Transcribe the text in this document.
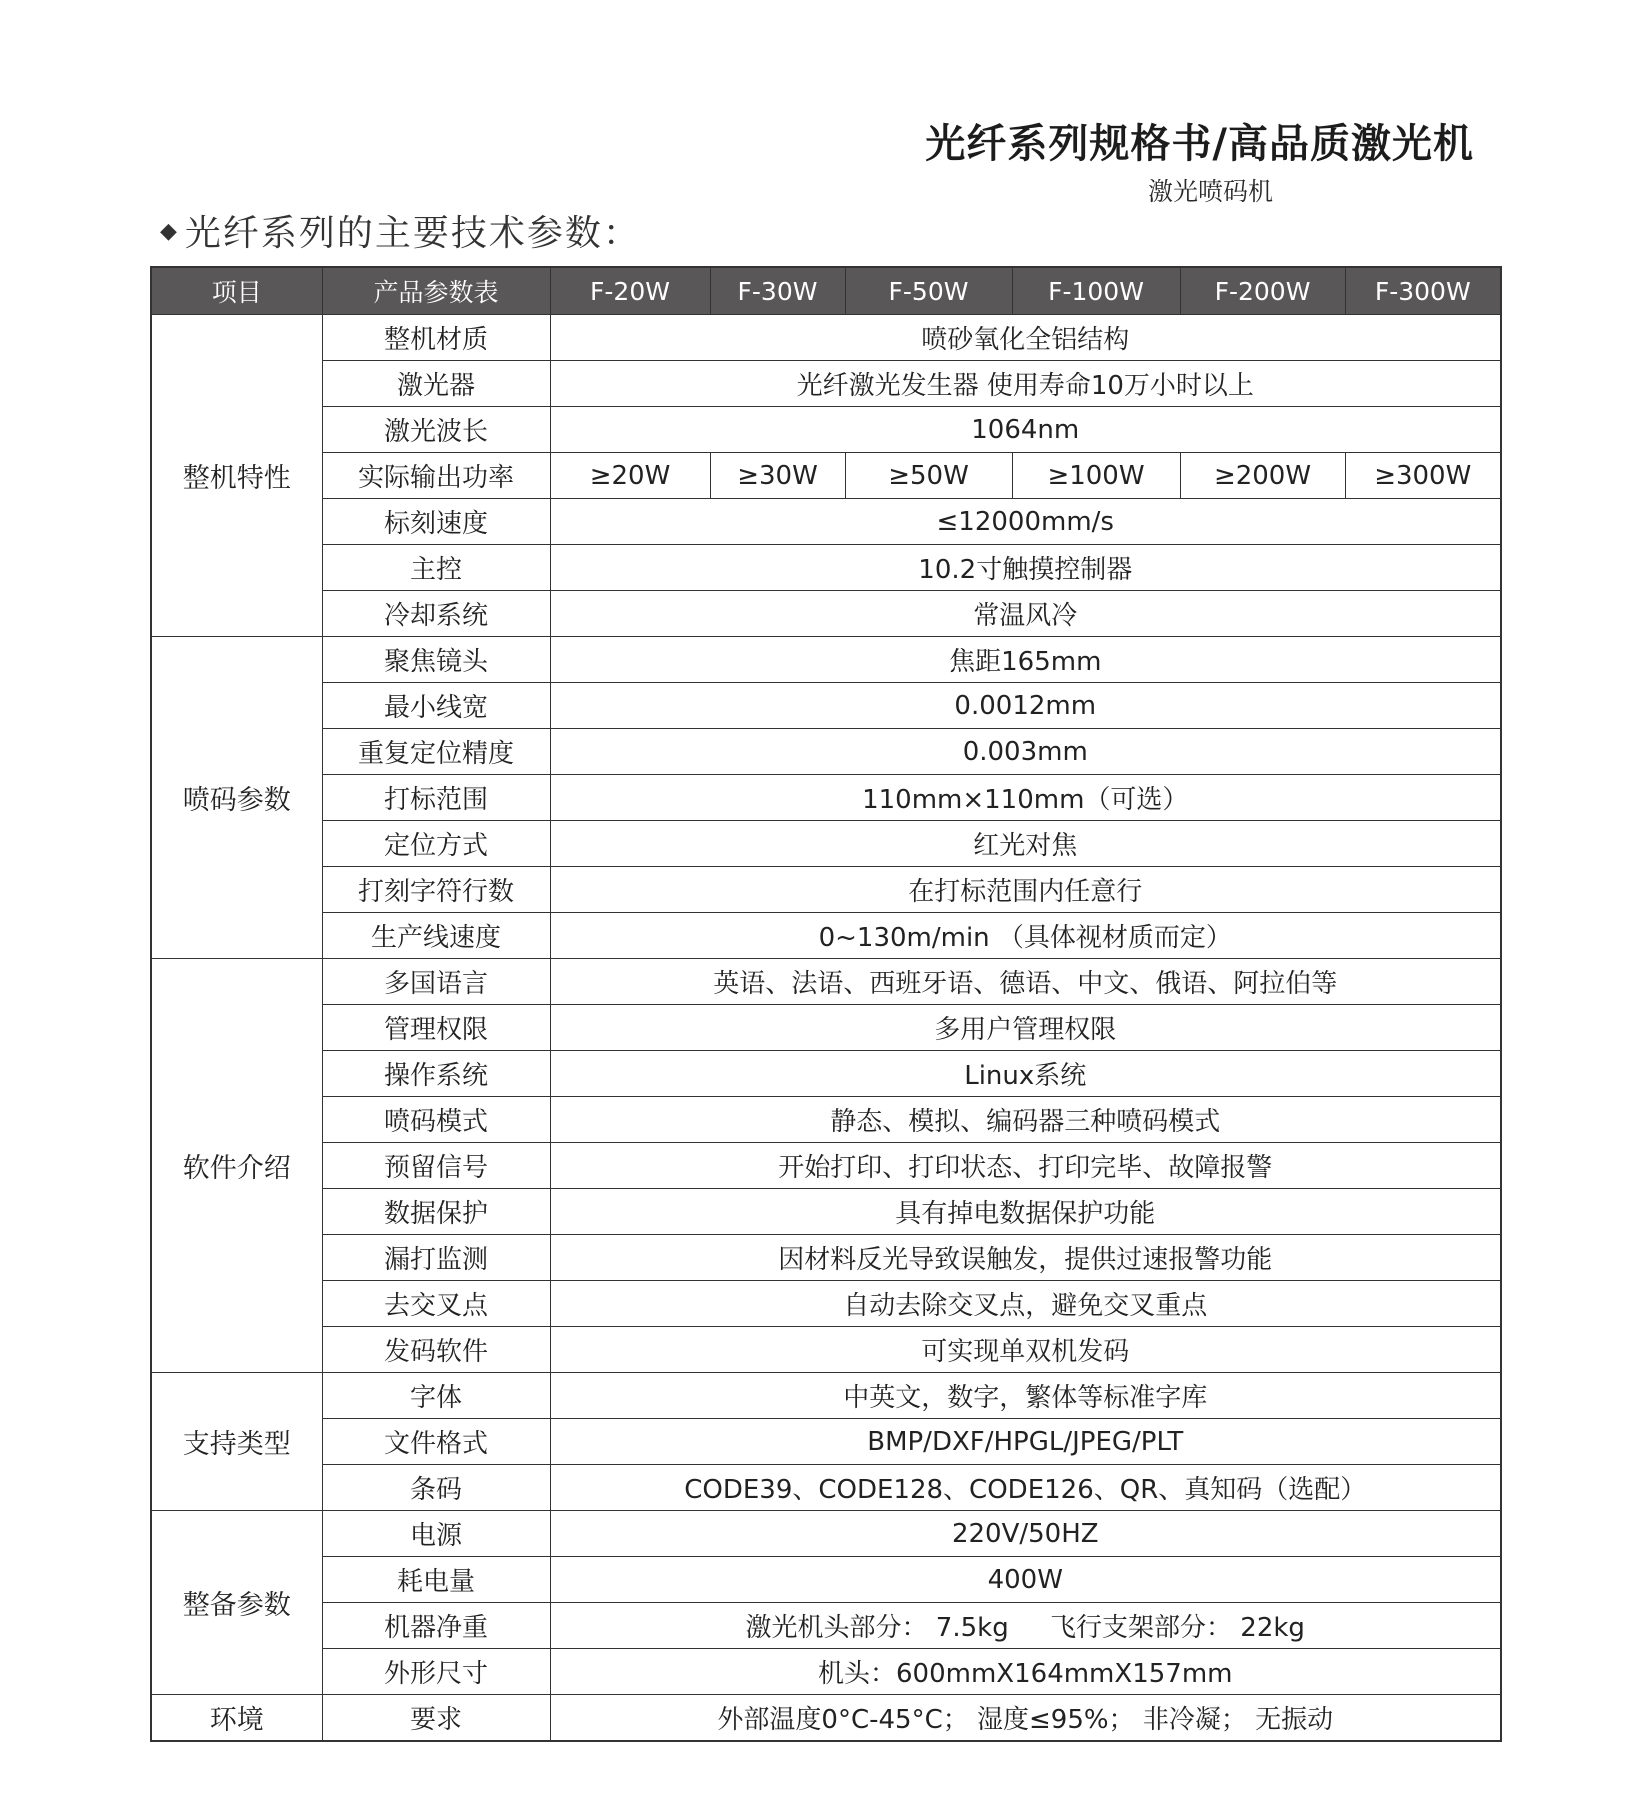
光纤系列规格书/高品质激光机
激光喷码机
◆ 光纤系列的主要技术参数：
项目	产品参数表	F-20W	F-30W	F-50W	F-100W	F-200W	F-300W
整机特性	整机材质	喷砂氧化全铝结构					
	激光器	光纤激光发生器 使用寿命10万小时以上					
	激光波长	1064nm					
	实际输出功率	≥20W	≥30W	≥50W	≥100W	≥200W	≥300W
	标刻速度	≤12000mm/s					
	主控	10.2寸触摸控制器					
	冷却系统	常温风冷					
喷码参数	聚焦镜头	焦距165mm					
	最小线宽	0.0012mm					
	重复定位精度	0.003mm					
	打标范围	110mm×110mm（可选）					
	定位方式	红光对焦					
	打刻字符行数	在打标范围内任意行					
	生产线速度	0~130m/min （具体视材质而定）					
软件介绍	多国语言	英语、法语、西班牙语、德语、中文、俄语、阿拉伯等					
	管理权限	多用户管理权限					
	操作系统	Linux系统					
	喷码模式	静态、模拟、编码器三种喷码模式					
	预留信号	开始打印、打印状态、打印完毕、故障报警					
	数据保护	具有掉电数据保护功能					
	漏打监测	因材料反光导致误触发，提供过速报警功能					
	去交叉点	自动去除交叉点，避免交叉重点					
	发码软件	可实现单双机发码					
支持类型	字体	中英文，数字，繁体等标准字库					
	文件格式	BMP/DXF/HPGL/JPEG/PLT					
	条码	CODE39、CODE128、CODE126、QR、真知码（选配）					
整备参数	电源	220V/50HZ					
	耗电量	400W					
	机器净重	激光机头部分： 7.5kg     飞行支架部分： 22kg					
	外形尺寸	机头：600mmX164mmX157mm					
环境	要求	外部温度0°C-45°C； 湿度≤95%； 非冷凝； 无振动					
